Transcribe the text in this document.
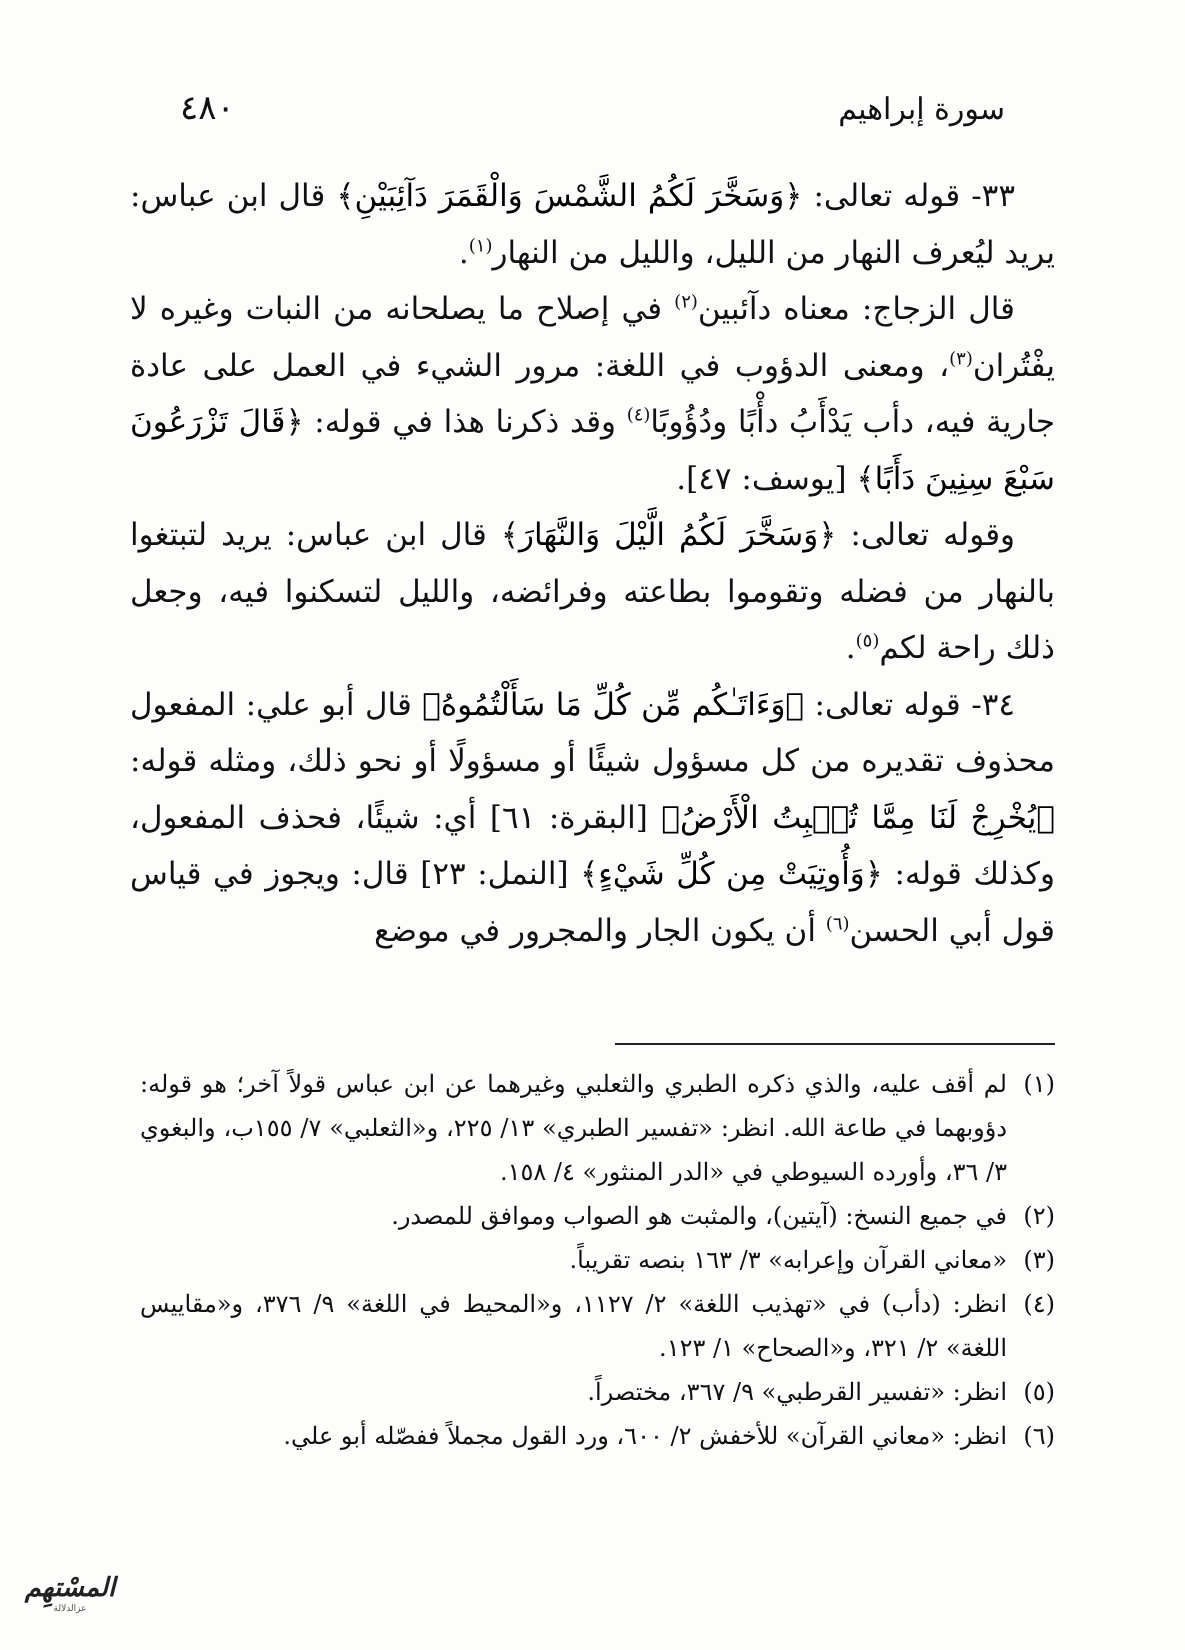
سورة إبراهيم
٤٨٠

٣٣- قوله تعالى: ﴿وَسَخَّرَ لَكُمُ الشَّمْسَ وَالْقَمَرَ دَآئِبَيْنِ﴾ قال ابن عباس: يريد ليُعرف النهار من الليل، والليل من النهار$^{(١)}$.

قال الزجاج: معناه دآئبين$^{(٢)}$ في إصلاح ما يصلحانه من النبات وغيره لا يفْتُران$^{(٣)}$، ومعنى الدؤوب في اللغة: مرور الشيء في العمل على عادة جارية فيه، دأب يَدْأَبُ دأْبًا ودُؤُوبًا$^{(٤)}$ وقد ذكرنا هذا في قوله: ﴿قَالَ تَزْرَعُونَ سَبْعَ سِنِينَ دَأَبًا﴾ [يوسف: ٤٧].

وقوله تعالى: ﴿وَسَخَّرَ لَكُمُ الَّيْلَ وَالنَّهَارَ﴾ قال ابن عباس: يريد لتبتغوا بالنهار من فضله وتقوموا بطاعته وفرائضه، والليل لتسكنوا فيه، وجعل ذلك راحة لكم$^{(٥)}$.

٣٤- قوله تعالى: ﴿وَءَاتَـٰكُم مِّن كُلِّ مَا سَأَلْتُمُوهُ﴾ قال أبو علي: المفعول محذوف تقديره من كل مسؤول شيئًا أو مسؤولًا أو نحو ذلك، ومثله قوله: ﴿يُخْرِجْ لَنَا مِمَّا تُنۢبِتُ الْأَرْضُ﴾ [البقرة: ٦١] أي: شيئًا، فحذف المفعول، وكذلك قوله: ﴿وَأُوتِيَتْ مِن كُلِّ شَيْءٍ﴾ [النمل: ٢٣] قال: ويجوز في قياس قول أبي الحسن$^{(٦)}$ أن يكون الجار والمجرور في موضع

(١)
لم أقف عليه، والذي ذكره الطبري والثعلبي وغيرهما عن ابن عباس قولاً آخر؛ هو قوله: دؤوبهما في طاعة الله. انظر: «تفسير الطبري» ١٣/ ٢٢٥، و«الثعلبي» ٧/ ١٥٥ب، والبغوي ٣/ ٣٦، وأورده السيوطي في «الدر المنثور» ٤/ ١٥٨.
(٢)
في جميع النسخ: (آيتين)، والمثبت هو الصواب وموافق للمصدر.
(٣)
«معاني القرآن وإعرابه» ٣/ ١٦٣ بنصه تقريباً.
(٤)
انظر: (دأب) في «تهذيب اللغة» ٢/ ١١٢٧، و«المحيط في اللغة» ٩/ ٣٧٦، و«مقاييس اللغة» ٢/ ٣٢١، و«الصحاح» ١/ ١٢٣.
(٥)
انظر: «تفسير القرطبي» ٩/ ٣٦٧، مختصراً.
(٦)
انظر: «معاني القرآن» للأخفش ٢/ ٦٠٠، ورد القول مجملاً ففصّله أبو علي.
المسْتهِم
عزالدلالة
